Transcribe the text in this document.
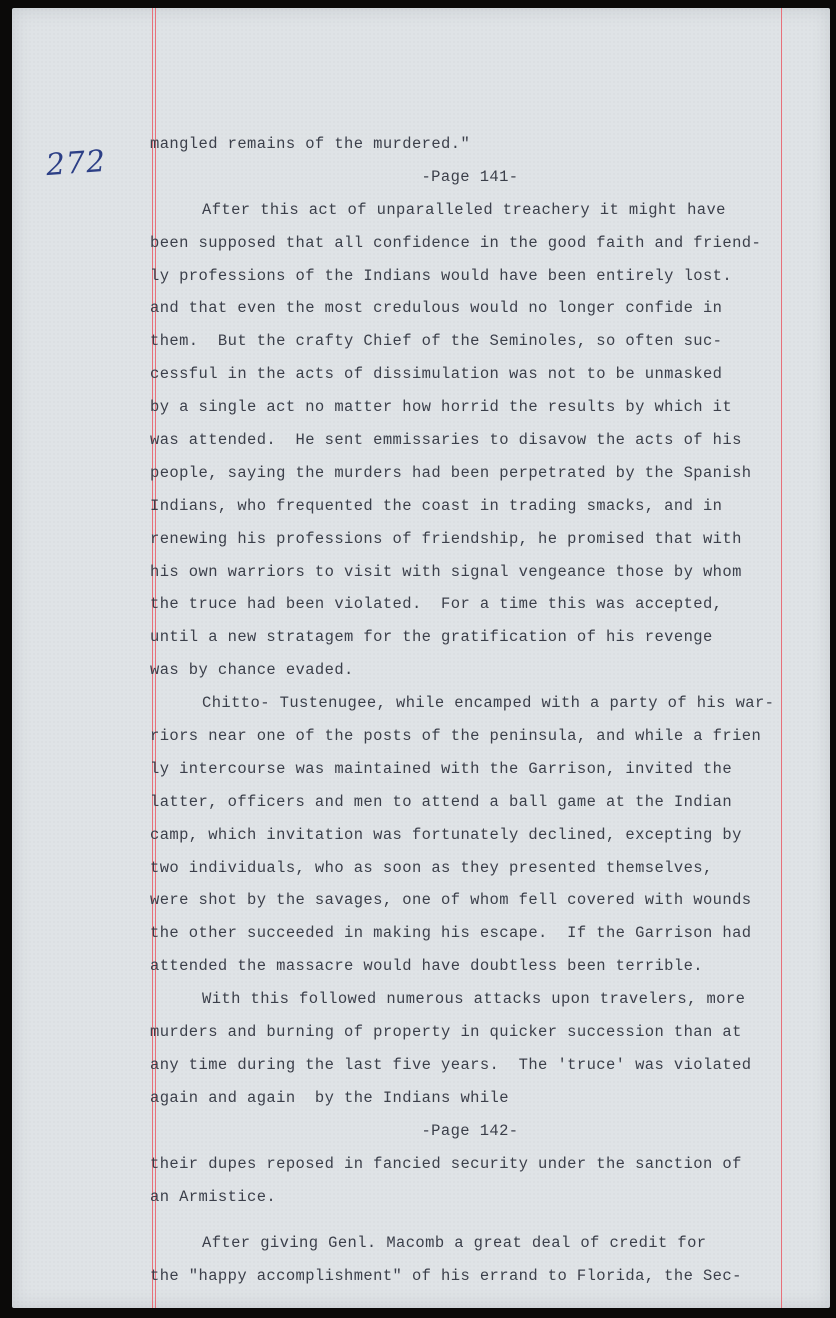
272	mangled remains of the murdered."
-Page 141-
After this act of unparalleled treachery it might have
been supposed that all confidence in the good faith and friend-
ly professions of the Indians would have been entirely lost.
and that even the most credulous would no longer confide in
them.  But the crafty Chief of the Seminoles, so often suc-
cessful in the acts of dissimulation was not to be unmasked
by a single act no matter how horrid the results by which it
was attended.  He sent emmissaries to disavow the acts of his
people, saying the murders had been perpetrated by the Spanish
Indians, who frequented the coast in trading smacks, and in
renewing his professions of friendship, he promised that with
his own warriors to visit with signal vengeance those by whom
the truce had been violated.  For a time this was accepted,
until a new stratagem for the gratification of his revenge
was by chance evaded.
Chitto- Tustenugee, while encamped with a party of his war-
riors near one of the posts of the peninsula, and while a frien
ly intercourse was maintained with the Garrison, invited the
latter, officers and men to attend a ball game at the Indian
camp, which invitation was fortunately declined, excepting by
two individuals, who as soon as they presented themselves,
were shot by the savages, one of whom fell covered with wounds
the other succeeded in making his escape.  If the Garrison had
attended the massacre would have doubtless been terrible.
With this followed numerous attacks upon travelers, more
murders and burning of property in quicker succession than at
any time during the last five years.  The 'truce' was violated
again and again  by the Indians while
-Page 142-
their dupes reposed in fancied security under the sanction of
an Armistice.
After giving Genl. Macomb a great deal of credit for
the "happy accomplishment" of his errand to Florida, the Sec-
